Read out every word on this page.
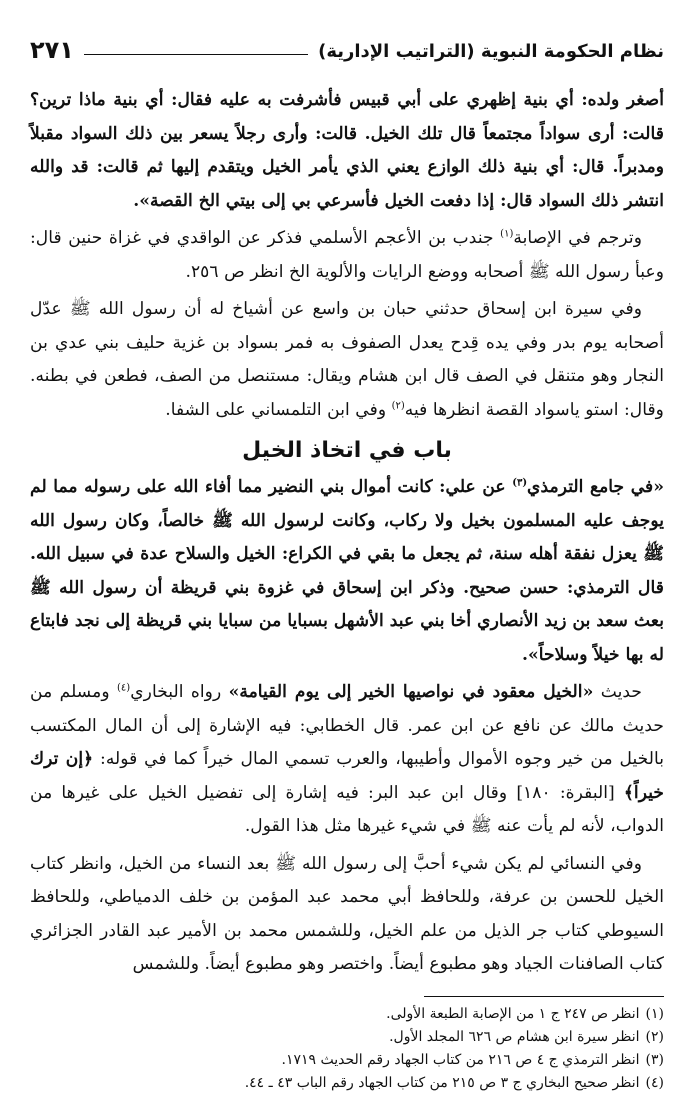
نظام الحكومة النبوية (التراتيب الإدارية)
٢٧١

أصغر ولده: أي بنية إظهري على أبي قبيس فأشرفت به عليه فقال: أي بنية ماذا ترين؟ قالت: أرى سواداً مجتمعاً قال تلك الخيل. قالت: وأرى رجلاً يسعر بين ذلك السواد مقبلاً ومدبراً. قال: أي بنية ذلك الوازع يعني الذي يأمر الخيل ويتقدم إليها ثم قالت: قد والله انتشر ذلك السواد قال: إذا دفعت الخيل فأسرعي بي إلى بيتي الخ القصة».

وترجم في الإصابة$^{(١)}$ جندب بن الأعجم الأسلمي فذكر عن الواقدي في غزاة حنين قال: وعبأ رسول الله ﷺ أصحابه ووضع الرايات والألوية الخ انظر ص ٢٥٦.

وفي سيرة ابن إسحاق حدثني حبان بن واسع عن أشياخ له أن رسول الله ﷺ عدّل أصحابه يوم بدر وفي يده قِدح يعدل الصفوف به فمر بسواد بن غزية حليف بني عدي بن النجار وهو متنقل في الصف قال ابن هشام ويقال: مستنصل من الصف، فطعن في بطنه. وقال: استو ياسواد القصة انظرها فيه$^{(٢)}$ وفي ابن التلمساني على الشفا.

باب في اتخاذ الخيل

«في جامع الترمذي$^{(٣)}$ عن علي: كانت أموال بني النضير مما أفاء الله على رسوله مما لم يوجف عليه المسلمون بخيل ولا ركاب، وكانت لرسول الله ﷺ خالصاً، وكان رسول الله ﷺ يعزل نفقة أهله سنة، ثم يجعل ما بقي في الكراع: الخيل والسلاح عدة في سبيل الله. قال الترمذي: حسن صحيح. وذكر ابن إسحاق في غزوة بني قريظة أن رسول الله ﷺ بعث سعد بن زيد الأنصاري أخا بني عبد الأشهل بسبايا من سبايا بني قريظة إلى نجد فابتاع له بها خيلاً وسلاحاً».

حديث «الخيل معقود في نواصيها الخير إلى يوم القيامة» رواه البخاري$^{(٤)}$ ومسلم من حديث مالك عن نافع عن ابن عمر. قال الخطابي: فيه الإشارة إلى أن المال المكتسب بالخيل من خير وجوه الأموال وأطيبها، والعرب تسمي المال خيراً كما في قوله: ﴿إن ترك خيراً﴾ [البقرة: ١٨٠] وقال ابن عبد البر: فيه إشارة إلى تفضيل الخيل على غيرها من الدواب، لأنه لم يأت عنه ﷺ في شيء غيرها مثل هذا القول.

وفي النسائي لم يكن شيء أحبَّ إلى رسول الله ﷺ بعد النساء من الخيل، وانظر كتاب الخيل للحسن بن عرفة، وللحافظ أبي محمد عبد المؤمن بن خلف الدمياطي، وللحافظ السيوطي كتاب جر الذيل من علم الخيل، وللشمس محمد بن الأمير عبد القادر الجزائري كتاب الصافنات الجياد وهو مطبوع أيضاً. واختصر وهو مطبوع أيضاً. وللشمس

(١)
انظر ص ٢٤٧ ج ١ من الإصابة الطبعة الأولى.
(٢)
انظر سيرة ابن هشام ص ٦٢٦ المجلد الأول.
(٣)
انظر الترمذي ج ٤ ص ٢١٦ من كتاب الجهاد رقم الحديث ١٧١٩.
(٤)
انظر صحيح البخاري ج ٣ ص ٢١٥ من كتاب الجهاد رقم الباب ٤٣ ـ ٤٤.
